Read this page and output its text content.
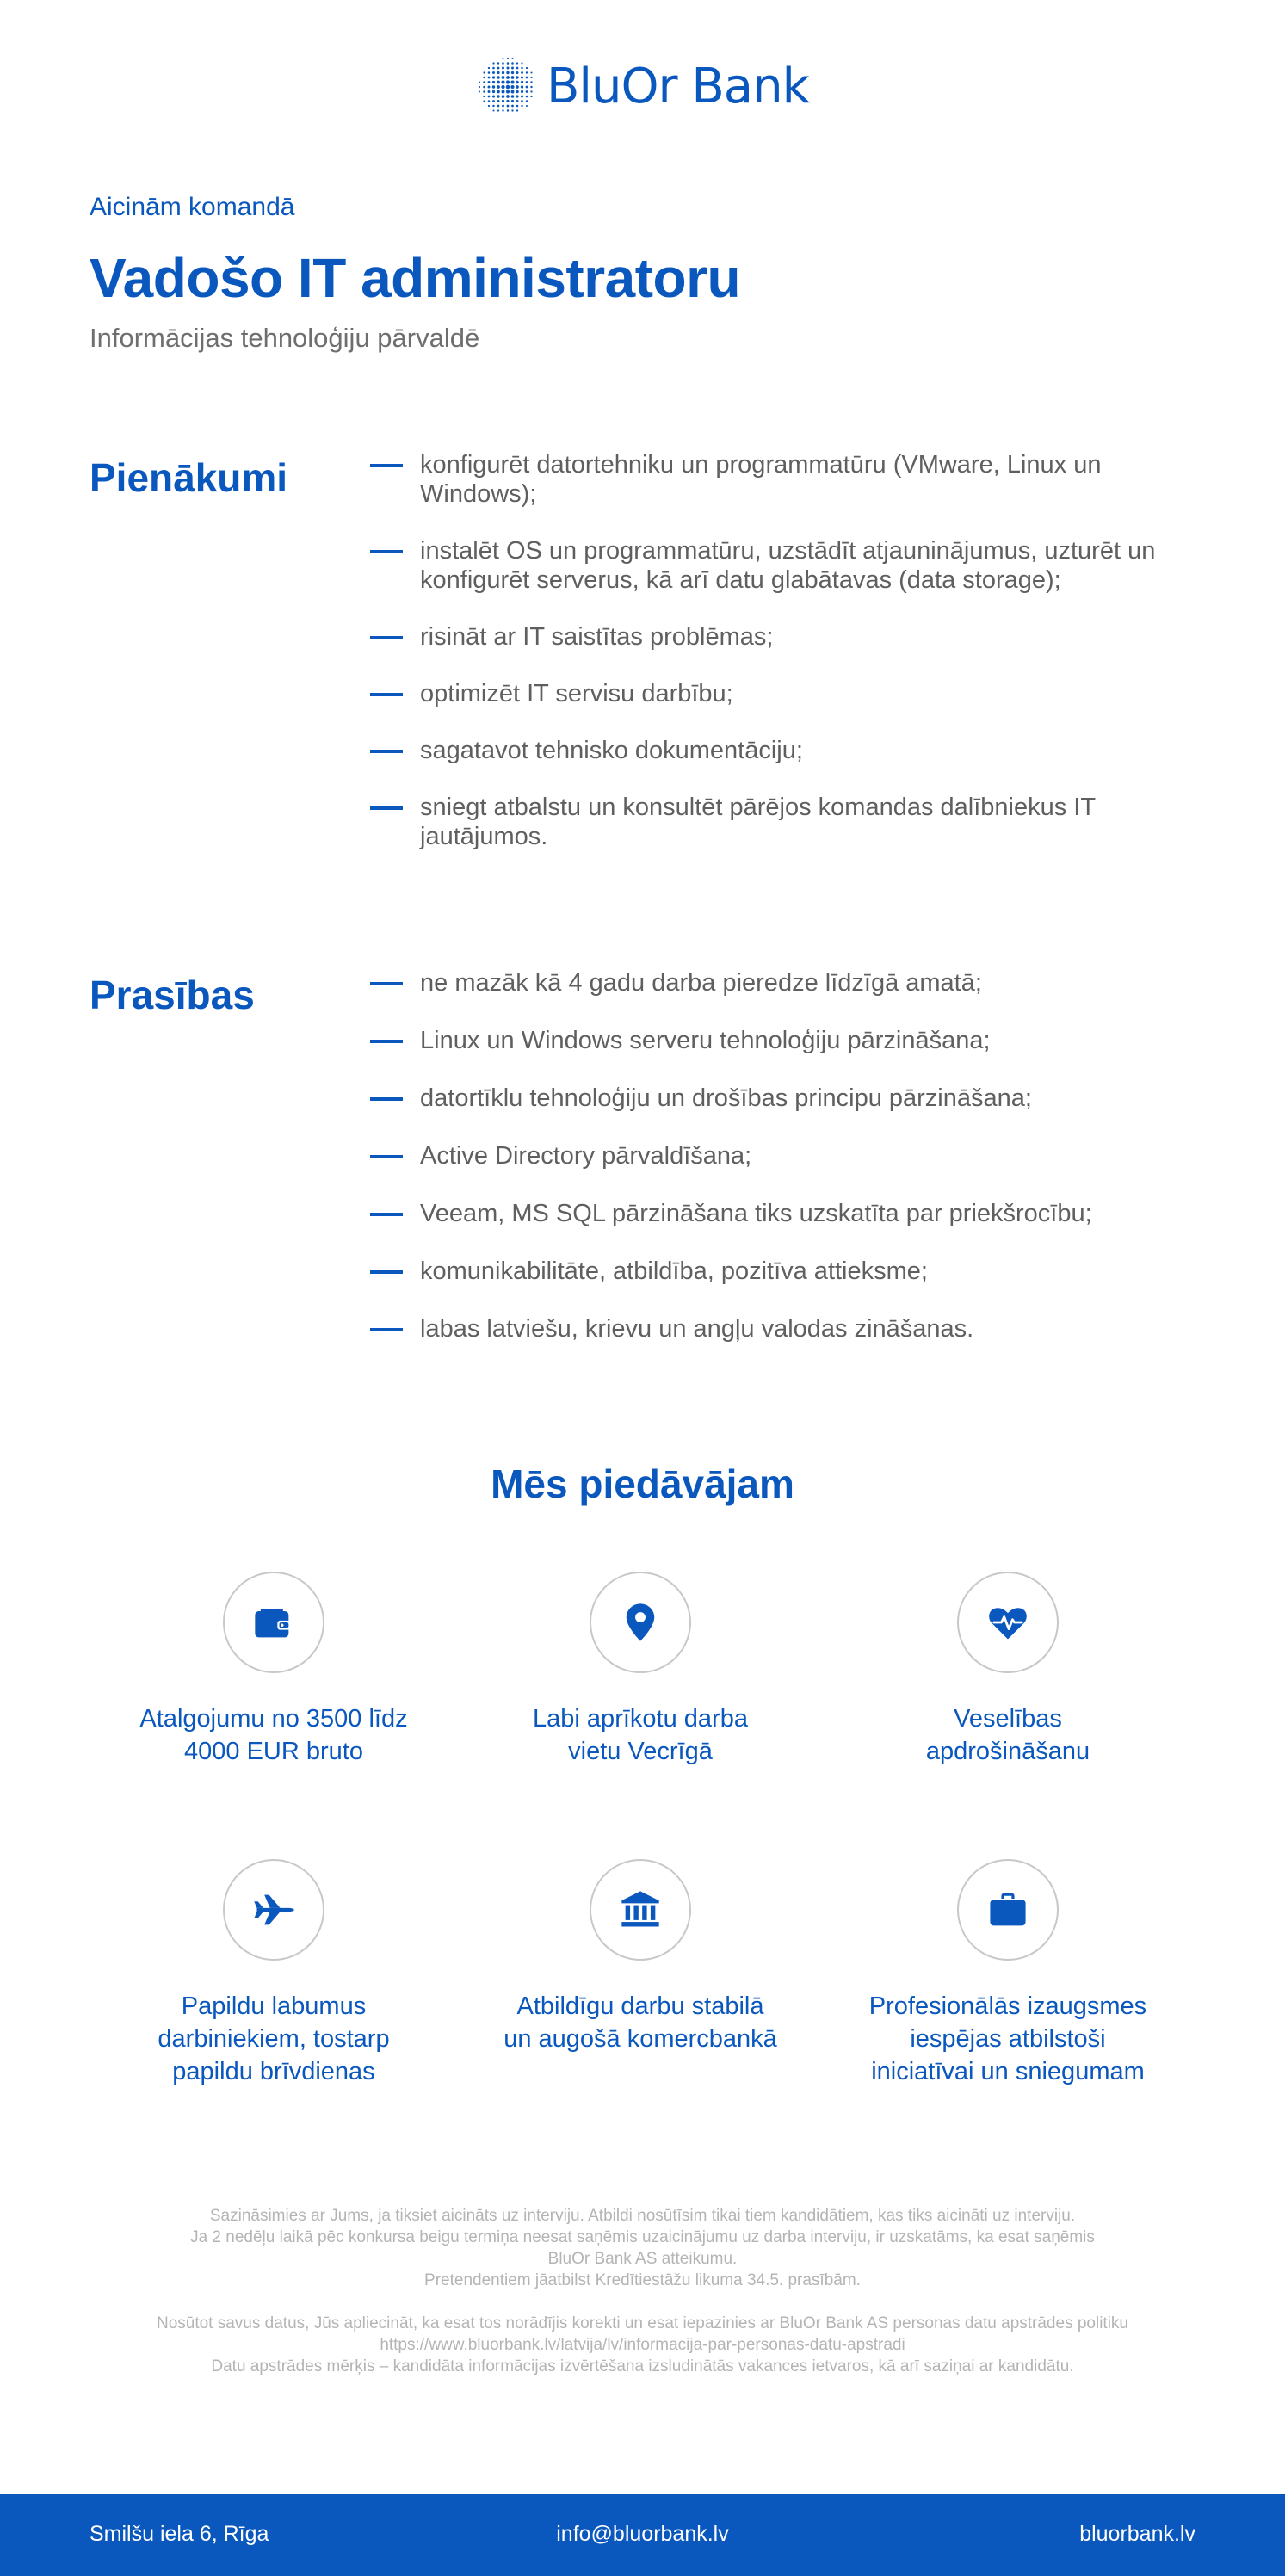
BluOr Bank
Aicinām komandā
Vadošo IT administratoru
Informācijas tehnoloģiju pārvaldē
Pienākumi	konfigurēt datortehniku un programmatūru (VMware, Linux un Windows);
instalēt OS un programmatūru, uzstādīt atjauninājumus, uzturēt un konfigurēt serverus, kā arī datu glabātavas (data storage);
risināt ar IT saistītas problēmas;
optimizēt IT servisu darbību;
sagatavot tehnisko dokumentāciju;
sniegt atbalstu un konsultēt pārējos komandas dalībniekus IT jautājumos.
Prasības	ne mazāk kā 4 gadu darba pieredze līdzīgā amatā;
Linux un Windows serveru tehnoloģiju pārzināšana;
datortīklu tehnoloģiju un drošības principu pārzināšana;
Active Directory pārvaldīšana;
Veeam, MS SQL pārzināšana tiks uzskatīta par priekšrocību;
komunikabilitāte, atbildība, pozitīva attieksme;
labas latviešu, krievu un angļu valodas zināšanas.
Mēs piedāvājam
Atalgojumu no 3500 līdz
4000 EUR bruto
Labi aprīkotu darba
vietu Vecrīgā
Veselības
apdrošināšanu
Papildu labumus
darbiniekiem, tostarp
papildu brīvdienas
Atbildīgu darbu stabilā
un augošā komercbankā
Profesionālās izaugsmes
iespējas atbilstoši
iniciatīvai un sniegumam

Sazināsimies ar Jums, ja tiksiet aicināts uz interviju. Atbildi nosūtīsim tikai tiem kandidātiem, kas tiks aicināti uz interviju.

Ja 2 nedēļu laikā pēc konkursa beigu termiņa neesat saņēmis uzaicinājumu uz darba interviju, ir uzskatāms, ka esat saņēmis

BluOr Bank AS atteikumu.

Pretendentiem jāatbilst Kredītiestāžu likuma 34.5. prasībām.

Nosūtot savus datus, Jūs apliecināt, ka esat tos norādījis korekti un esat iepazinies ar BluOr Bank AS personas datu apstrādes politiku

https://www.bluorbank.lv/latvija/lv/informacija-par-personas-datu-apstradi

Datu apstrādes mērķis – kandidāta informācijas izvērtēšana izsludinātās vakances ietvaros, kā arī saziņai ar kandidātu.

Smilšu iela 6, Rīga	info@bluorbank.lv	bluorbank.lv
